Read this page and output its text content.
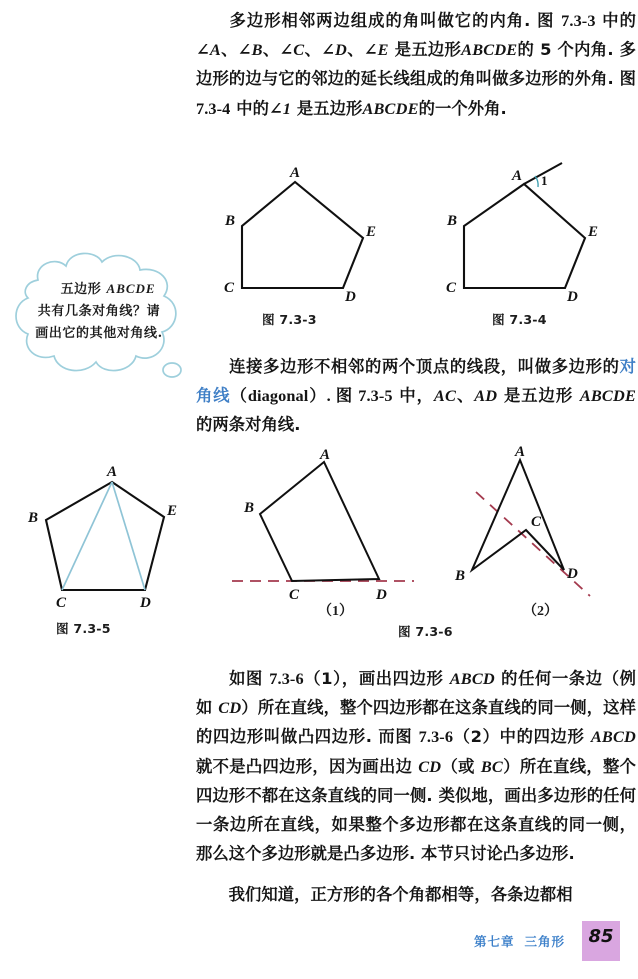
多边形相邻两边组成的角叫做它的内角. 图 7.3-3 中的∠A、∠B、∠C、∠D、∠E 是五边形ABCDE的 5 个内角. 多边形的边与它的邻边的延长线组成的角叫做多边形的外角. 图 7.3-4 中的∠1 是五边形ABCDE的一个外角.
A
B
C
D
E
图 7.3-3
A 1
B
C
D
E
图 7.3-4
五边形 ABCDE
共有几条对角线？请
画出它的其他对角线.
连接多边形不相邻的两个顶点的线段，叫做多边形的对角线（diagonal）. 图 7.3-5 中，AC、AD 是五边形 ABCDE 的两条对角线.
A
B
C	D
E
图 7.3-5
A
B
C	D
（1）
A
B
C
D
（2）
图 7.3-6
如图 7.3-6（1），画出四边形 ABCD 的任何一条边（例如 CD）所在直线，整个四边形都在这条直线的同一侧，这样的四边形叫做凸四边形. 而图 7.3-6（2）中的四边形 ABCD 就不是凸四边形，因为画出边 CD（或 BC）所在直线，整个四边形不都在这条直线的同一侧. 类似地，画出多边形的任何一条边所在直线，如果整个多边形都在这条直线的同一侧，那么这个多边形就是凸多边形. 本节只讨论凸多边形.
我们知道，正方形的各个角都相等，各条边都相
第七章 三角形	85
